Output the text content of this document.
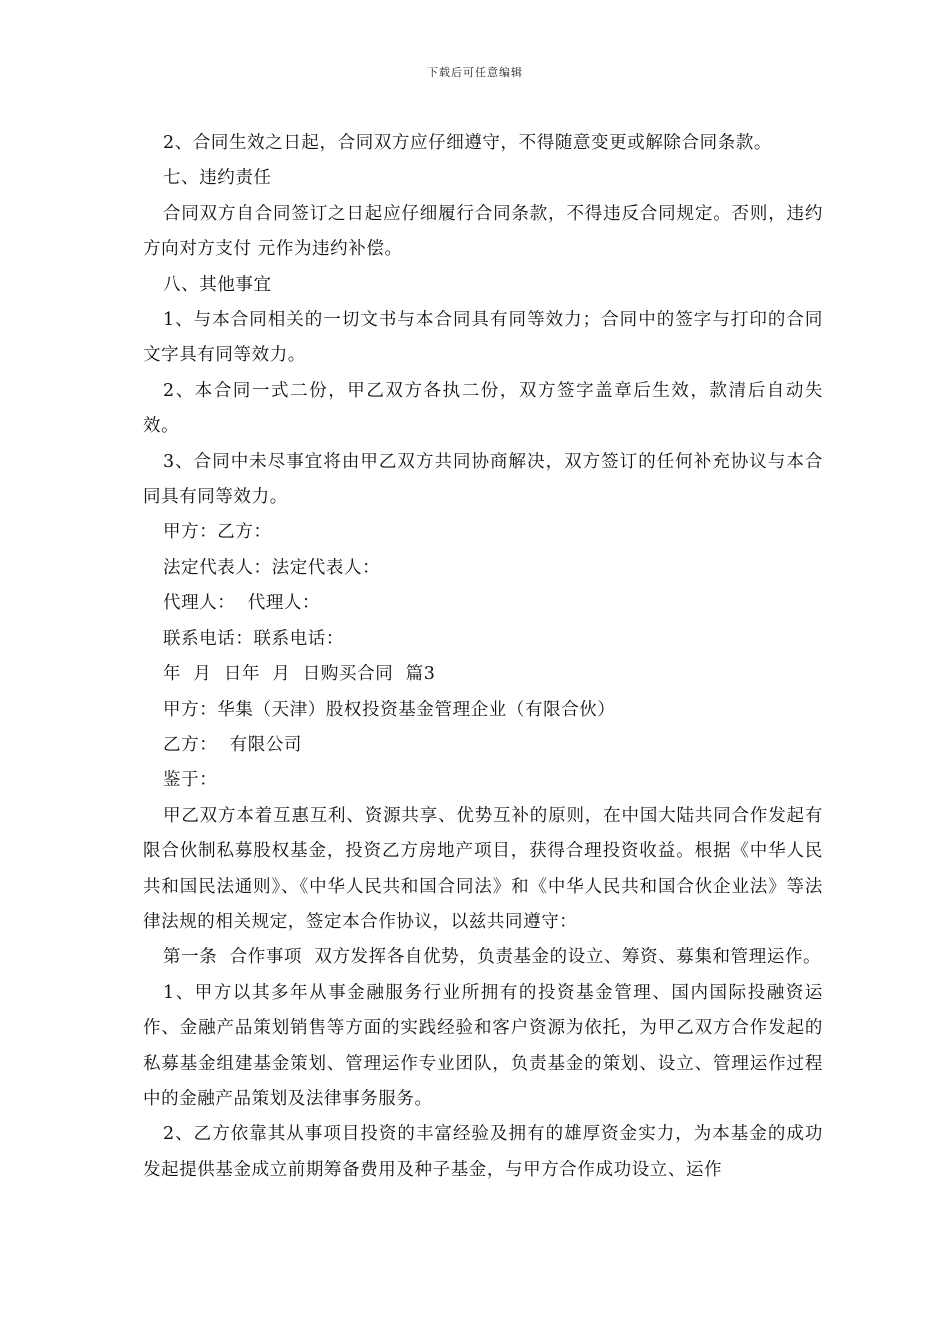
下载后可任意编辑

2、合同生效之日起，合同双方应仔细遵守，不得随意变更或解除合同条款。

七、违约责任

合同双方自合同签订之日起应仔细履行合同条款，不得违反合同规定。否则，违约方向对方支付 元作为违约补偿。

八、其他事宜

1、与本合同相关的一切文书与本合同具有同等效力；合同中的签字与打印的合同文字具有同等效力。

2、本合同一式二份，甲乙双方各执二份，双方签字盖章后生效，款清后自动失效。

3、合同中未尽事宜将由甲乙双方共同协商解决，双方签订的任何补充协议与本合同具有同等效力。

甲方：乙方：

法定代表人：法定代表人：

代理人：  代理人：

联系电话：联系电话：

年  月  日年  月  日购买合同  篇3

甲方：华集（天津）股权投资基金管理企业（有限合伙）

乙方：  有限公司

鉴于：

甲乙双方本着互惠互利、资源共享、优势互补的原则，在中国大陆共同合作发起有限合伙制私募股权基金，投资乙方房地产项目，获得合理投资收益。根据《中华人民共和国民法通则》、《中华人民共和国合同法》和《中华人民共和国合伙企业法》等法律法规的相关规定，签定本合作协议，以兹共同遵守：

第一条  合作事项  双方发挥各自优势，负责基金的设立、筹资、募集和管理运作。

1、甲方以其多年从事金融服务行业所拥有的投资基金管理、国内国际投融资运作、金融产品策划销售等方面的实践经验和客户资源为依托，为甲乙双方合作发起的私募基金组建基金策划、管理运作专业团队，负责基金的策划、设立、管理运作过程中的金融产品策划及法律事务服务。

2、乙方依靠其从事项目投资的丰富经验及拥有的雄厚资金实力，为本基金的成功发起提供基金成立前期筹备费用及种子基金，与甲方合作成功设立、运作
